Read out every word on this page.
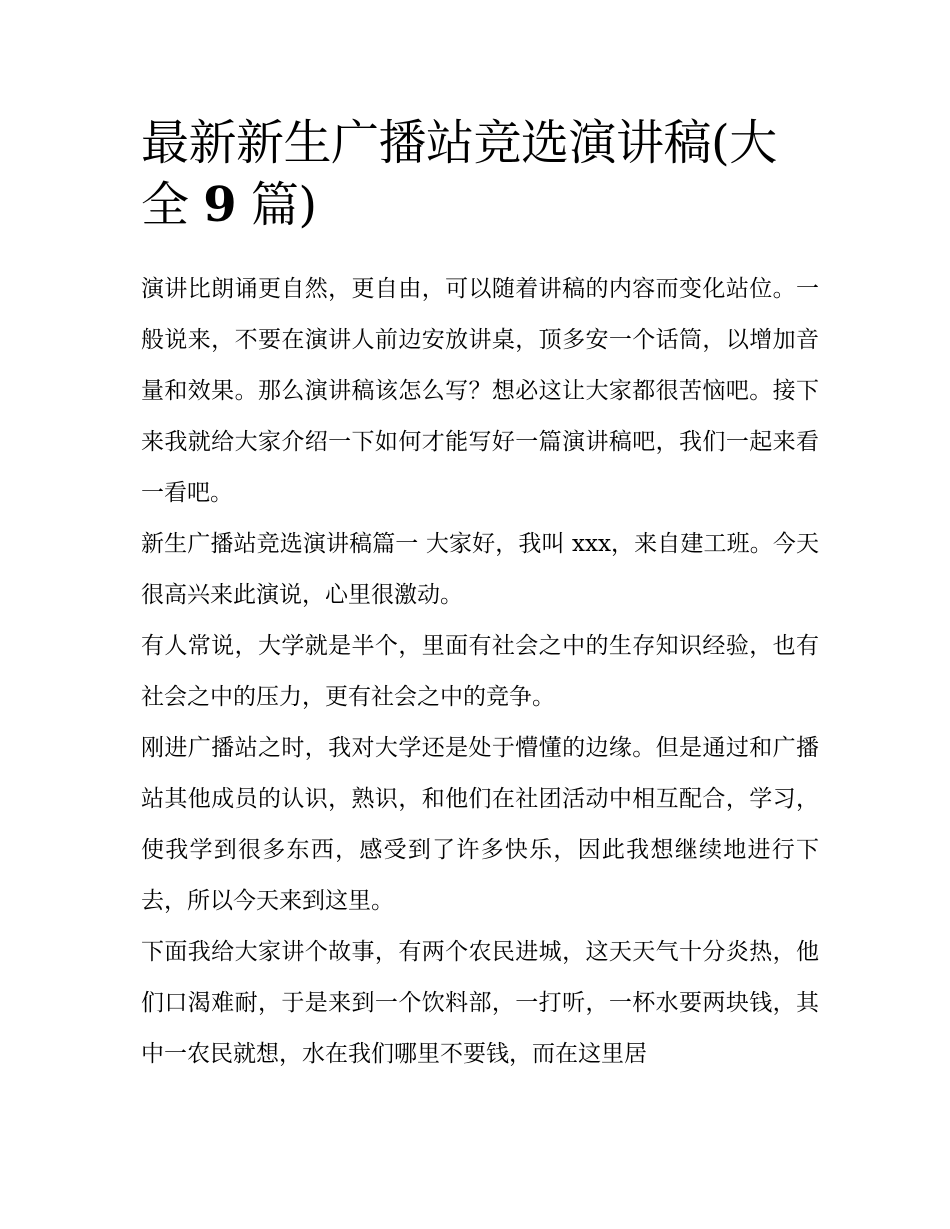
最新新生广播站竞选演讲稿(大全 9 篇)

演讲比朗诵更自然，更自由，可以随着讲稿的内容而变化站位。一般说来，不要在演讲人前边安放讲桌，顶多安一个话筒，以增加音量和效果。那么演讲稿该怎么写？想必这让大家都很苦恼吧。接下来我就给大家介绍一下如何才能写好一篇演讲稿吧，我们一起来看一看吧。

新生广播站竞选演讲稿篇一 大家好，我叫 xxx，来自建工班。今天很高兴来此演说，心里很激动。

有人常说，大学就是半个，里面有社会之中的生存知识经验，也有社会之中的压力，更有社会之中的竞争。

刚进广播站之时，我对大学还是处于懵懂的边缘。但是通过和广播站其他成员的认识，熟识，和他们在社团活动中相互配合，学习，使我学到很多东西，感受到了许多快乐，因此我想继续地进行下去，所以今天来到这里。

下面我给大家讲个故事，有两个农民进城，这天天气十分炎热，他们口渴难耐，于是来到一个饮料部，一打听，一杯水要两块钱，其中一农民就想，水在我们哪里不要钱，而在这里居
